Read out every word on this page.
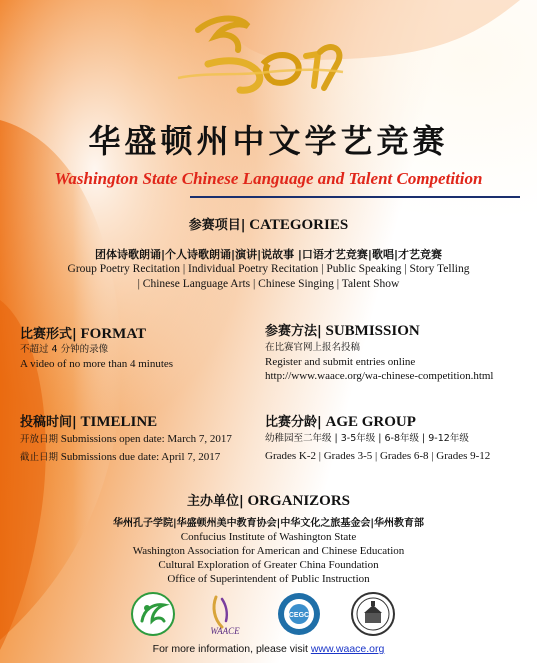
华盛顿州中文学艺竞赛
Washington State Chinese Language and Talent Competition
参赛项目| CATEGORIES
团体诗歌朗诵|个人诗歌朗诵|演讲|说故事 |口语才艺竞赛|歌唱|才艺竞赛
Group Poetry Recitation | Individual Poetry Recitation | Public Speaking | Story Telling
| Chinese Language Arts | Chinese Singing | Talent Show
比赛形式| FORMAT
不超过 4 分钟的录像
A video of no more than 4 minutes
参赛方法| SUBMISSION
在比赛官网上报名投稿
Register and submit entries online
http://www.waace.org/wa-chinese-competition.html
投稿时间| TIMELINE
开放日期 Submissions open date: March 7, 2017
截止日期 Submissions due date: April 7, 2017
比赛分龄| AGE GROUP
幼稚园至二年级 | 3-5年级 | 6-8年级 | 9-12年级
Grades K-2 | Grades 3-5 | Grades 6-8 | Grades 9-12
主办单位| ORGANIZORS
华州孔子学院|华盛顿州美中教育协会|中华文化之旅基金会|华州教育部
Confucius Institute of Washington State
Washington Association for American and Chinese Education
Cultural Exploration of Greater China Foundation
Office of Superintendent of Public Instruction
WAACE
CEGC
For more information, please visit www.waace.org
